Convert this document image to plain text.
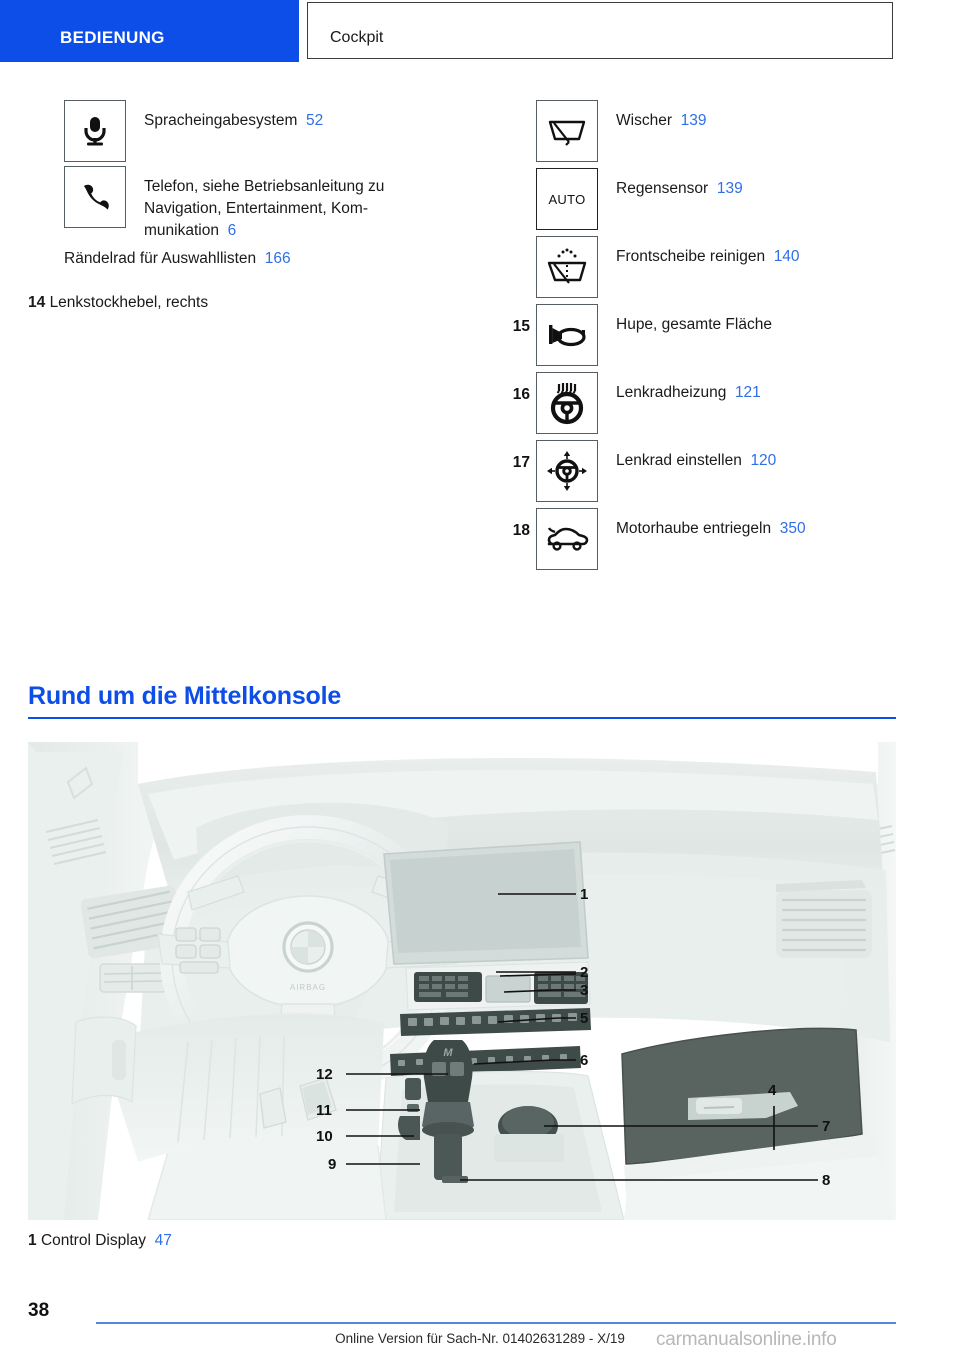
BEDIENUNG	Cockpit
Spracheingabesystem 52
Telefon, siehe Betriebsanleitung zu
Navigation, Entertainment, Kom-
munikation 6
Rändelrad für Auswahllisten 166
14 Lenkstockhebel, rechts
Wischer 139
AUTO
Regensensor 139
Frontscheibe reinigen 140
15	Hupe, gesamte Fläche
16	Lenkradheizung 121
17	Lenkrad einstellen 120
18	Motorhaube entriegeln 350
Rund um die Mittelkonsole
AIRBAG
M
1
2
3
5
6
4
7
8
9
10
11
12
1 Control Display 47
38
Online Version für Sach-Nr. 01402631289 - X/19	carmanualsonline.info
